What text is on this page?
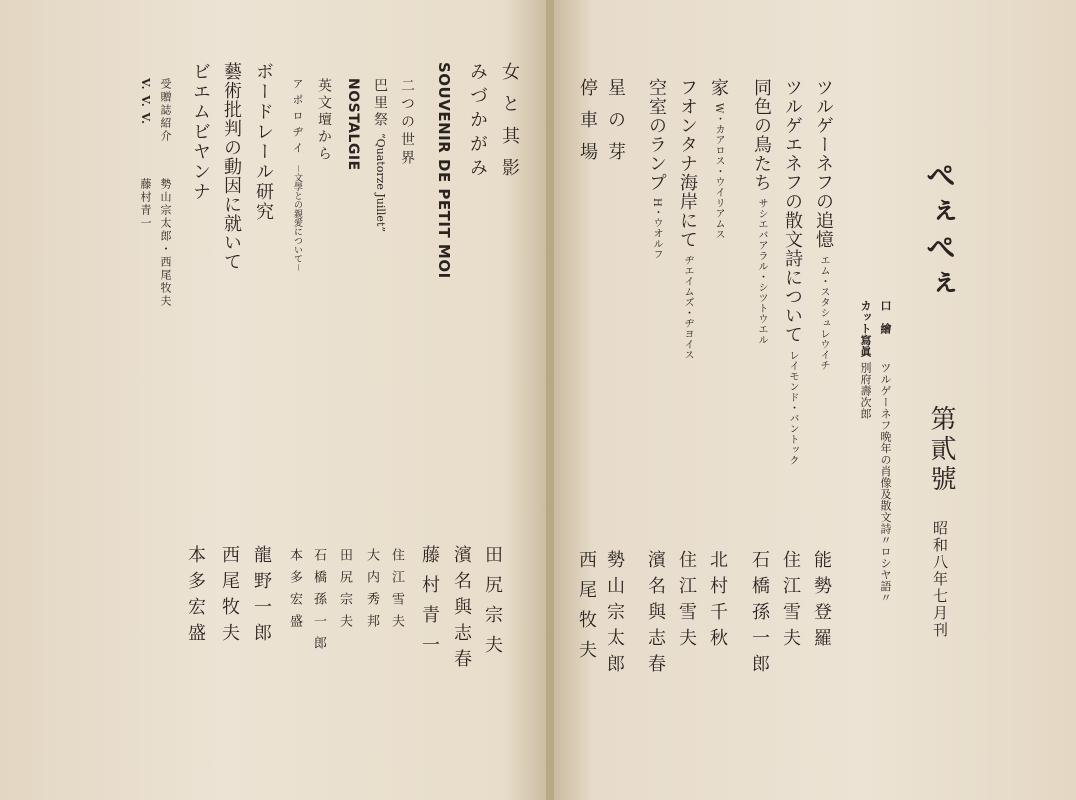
ぺぇぺぇ
第貳號
昭和八年七月刊
口　繪
ツルゲーネフ晩年の肖像及散文詩〃ロシヤ語〃
カット寫眞
別府壽次郎
ツルゲーネフの追憶エム・スタシュレウイチ
能勢登羅
ツルゲエネフの散文詩についてレイモンド・バントック
住江雪夫
同色の鳥たちサシエバアラル・シツトウエル
石橋孫一郎
家W・カアロス・ウイリアムス
北村千秋
フオンタナ海岸にてヂエイムズ・ヂヨイス
住江雪夫
空室のランプH・ウオルフ
濱名與志春
星の芽
勢山宗太郎
停車場
西尾牧夫
女と其影
田尻宗夫
みづかがみ
濱名與志春
SOUVENIR DE PETIT MOI
藤村青一
二つの世界
住江雪夫
巴里祭“Quatorze Juillet”
大内秀邦
NOSTALGIE
田尻宗夫
英文壇から
石橋孫一郎
アポロヂイ－文學との親愛について－
本多宏盛
ボードレール研究
龍野一郎
藝術批判の動因に就いて
西尾牧夫
ビエムビヤンナ
本多宏盛
受贈誌紹介
勢山宗太郎・西尾牧夫
V. V. V.
藤村青一
